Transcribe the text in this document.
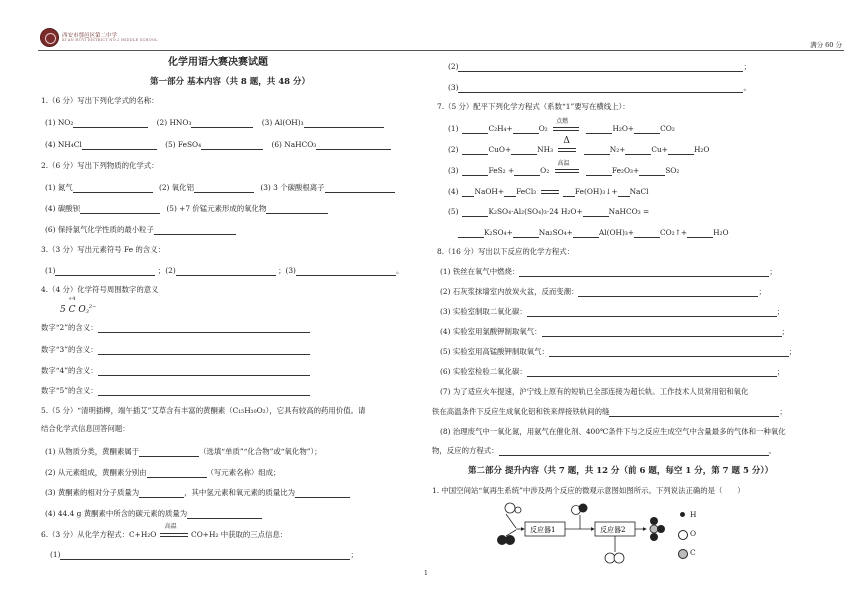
西安市鄠邑区第二中学
XI'AN HUYI DISTRICT NO.2 MIDDLE SCHOOL
满分 60 分
化学用语大赛决赛试题
第一部分 基本内容（共 8 题，共 48 分）
1.（6 分）写出下列化学式的名称：
(1) NO₂	(2) HNO₃	(3) Al(OH)₃
(4) NH₄Cl	(5) FeSO₄	(6) NaHCO₃
2.（6 分）写出下列物质的化学式：
(1) 氮气	(2) 氧化铝	(3) 3 个碳酸根离子
(4) 碳酸钡	(5) +7 价锰元素形成的氧化物
(6) 保持氯气化学性质的最小粒子
3.（3 分）写出元素符号 Fe 的含义：
(1)	；(2)	；(3)	。
4.（4 分）化学符号周围数字的意义
+4
5 C $O_3^{2-}$
数字“2”的含义：
数字“3”的含义：
数字“4”的含义：
数字“5”的含义：
5.（5 分）“清明插柳，端午插艾”艾草含有丰富的黄酮素（C₁₅H₁₀O₂），它具有较高的药用价值。请
结合化学式信息回答问题：
(1) 从物质分类，黄酮素属于	（选填“单质”“化合物”或“氧化物”）；
(2) 从元素组成，黄酮素分别由	（写元素名称）组成；
(3) 黄酮素的相对分子质量为	，其中氢元素和氧元素的质量比为
(4) 44.4 g 黄酮素中所含的碳元素的质量为
6.（3 分）从化学方程式：C+H₂O
高温
CO+H₂ 中获取的三点信息：
(1)	；
(2)	；
(3)	。
7.（5 分）配平下列化学方程式（系数“1”要写在横线上）：
(1)	C₂H₄+	O₂
点燃
H₂O+	CO₂
(2)	CuO+	NH₃
Δ
N₂+	Cu+	H₂O
(3)	FeS₂ +	O₂
高温
Fe₂O₃+	SO₂
(4) NaOH+ FeCl₃	Fe(OH)₃↓+ NaCl
(5)	K₂SO₄·Al₂(SO₄)₃·24 H₂O+	NaHCO₃ =
K₂SO₄+	Na₂SO₄+	Al(OH)₃+	CO₂↑+	H₂O
8.（16 分）写出以下反应的化学方程式：
(1) 铁丝在氧气中燃烧：	；
(2) 石灰浆抹墙室内放炭火盆，反而变潮：	；
(3) 实验室制取二氧化碳：	；
(4) 实验室用氯酸钾制取氧气：	；
(5) 实验室用高锰酸钾制取氧气：	；
(6) 实验室检验二氧化碳：	；
(7) 为了适应火车提速，沪宁线上原有的短轨已全部连接为超长轨。工作技术人员常用铝和氧化
铁在高温条件下反应生成氧化铝和铁来焊接铁轨间的缝	；
(8) 治理废气中一氧化氮，用氨气在催化剂、400℃条件下与之反应生成空气中含量最多的气体和一种氧化
物，反应的方程式：	。
第二部分 提升内容（共 7 题，共 12 分（前 6 题，每空 1 分，第 7 题 5 分））
1. 中国空间站“氧再生系统”中涉及两个反应的微观示意图如图所示。下列说法正确的是（　　）
反应器1	反应器2
H
O
C
1
